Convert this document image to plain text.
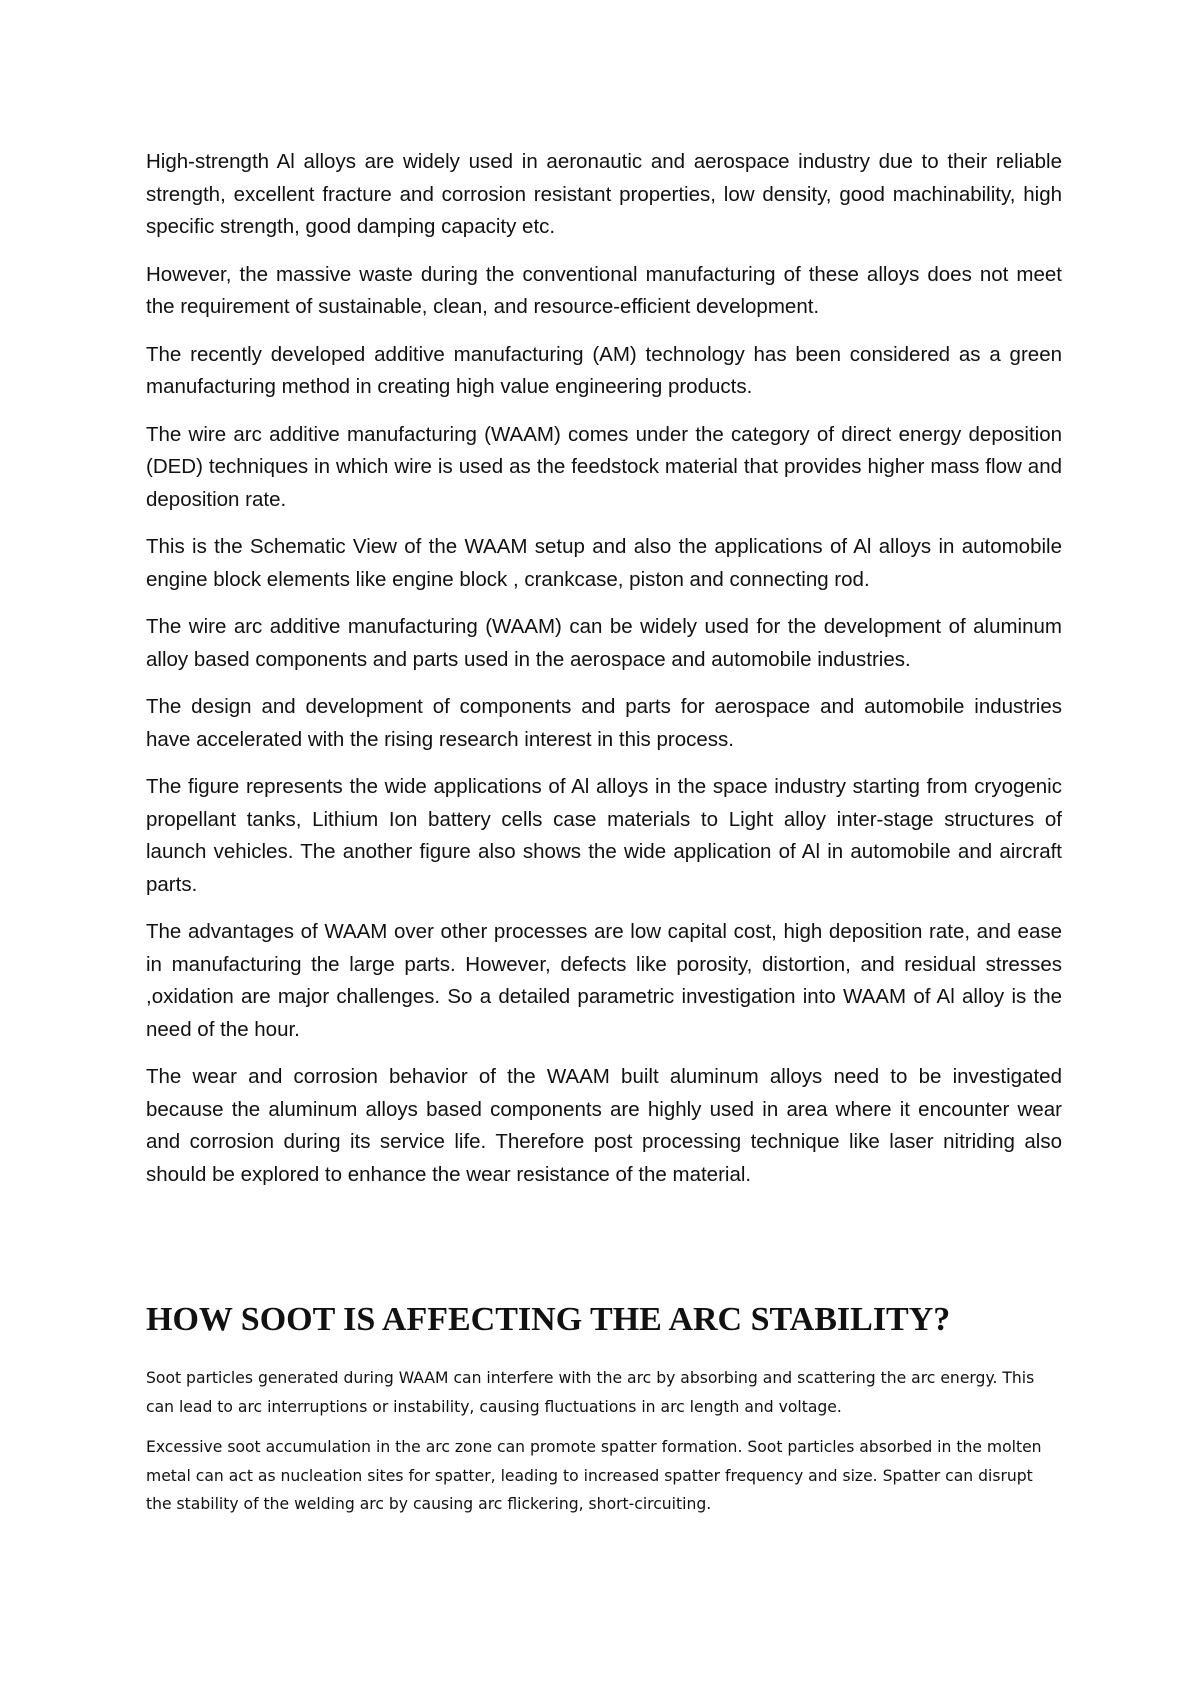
High-strength Al alloys are widely used in aeronautic and aerospace industry due to their reliable strength, excellent fracture and corrosion resistant properties, low density, good machinability, high specific strength, good damping capacity etc.

However, the massive waste during the conventional manufacturing of these alloys does not meet the requirement of sustainable, clean, and resource-efficient development.

The recently developed additive manufacturing (AM) technology has been considered as a green manufacturing method in creating high value engineering products.

The wire arc additive manufacturing (WAAM) comes under the category of direct energy deposition (DED) techniques in which wire is used as the feedstock material that provides higher mass flow and deposition rate.

This is the Schematic View of the WAAM setup and also the applications of Al alloys in automobile engine block elements like engine block , crankcase, piston and connecting rod.

The wire arc additive manufacturing (WAAM) can be widely used for the development of aluminum alloy based components and parts used in the aerospace and automobile industries.

The design and development of components and parts for aerospace and automobile industries have accelerated with the rising research interest in this process.

The figure represents the wide applications of Al alloys in the space industry starting from cryogenic propellant tanks, Lithium Ion battery cells case materials to Light alloy inter-stage structures of launch vehicles. The another figure also shows the wide application of Al in automobile and aircraft parts.

The advantages of WAAM over other processes are low capital cost, high deposition rate, and ease in manufacturing the large parts. However, defects like porosity, distortion, and residual stresses ,oxidation are major challenges. So a detailed parametric investigation into WAAM of Al alloy is the need of the hour.

The wear and corrosion behavior of the WAAM built aluminum alloys need to be investigated because the aluminum alloys based components are highly used in area where it encounter wear and corrosion during its service life. Therefore post processing technique like laser nitriding also should be explored to enhance the wear resistance of the material.

HOW SOOT IS AFFECTING THE ARC STABILITY?

Soot particles generated during WAAM can interfere with the arc by absorbing and scattering the arc energy. This can lead to arc interruptions or instability, causing fluctuations in arc length and voltage.

Excessive soot accumulation in the arc zone can promote spatter formation. Soot particles absorbed in the molten metal can act as nucleation sites for spatter, leading to increased spatter frequency and size. Spatter can disrupt the stability of the welding arc by causing arc flickering, short-circuiting.
